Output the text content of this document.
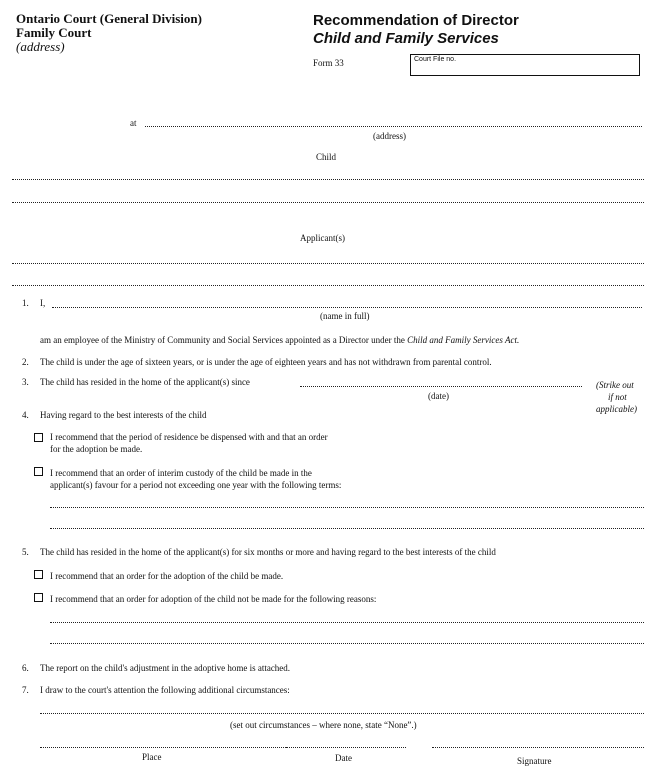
Ontario Court (General Division)
Family Court
(address)
Recommendation of Director
Child and Family Services
Form 33	Court File no.
at
(address)
Child
Applicant(s)
1. I,
(name in full)
am an employee of the Ministry of Community and Social Services appointed as a Director under the Child and Family Services Act.
2. The child is under the age of sixteen years, or is under the age of eighteen years and has not withdrawn from parental control.
3. The child has resided in the home of the applicant(s) since
(date)
(Strike out
if not
applicable)
4. Having regard to the best interests of the child
I recommend that the period of residence be dispensed with and that an order
for the adoption be made.
I recommend that an order of interim custody of the child be made in the
applicant(s) favour for a period not exceeding one year with the following terms:
5. The child has resided in the home of the applicant(s) for six months or more and having regard to the best interests of the child
I recommend that an order for the adoption of the child be made.
I recommend that an order for adoption of the child not be made for the following reasons:
6. The report on the child's adjustment in the adoptive home is attached.
7. I draw to the court's attention the following additional circumstances:
(set out circumstances – where none, state “None”.)
Place	Date	Signature
